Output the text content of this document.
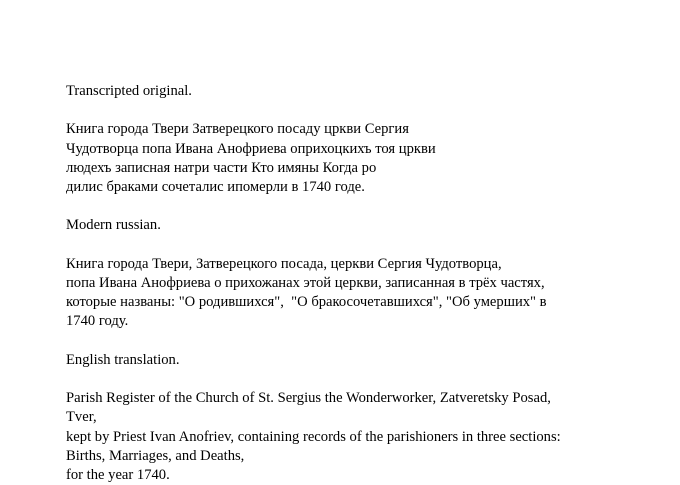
Transcripted original.
Книга города Твери Затверецкого посаду цркви Сергия
Чудотворца попа Ивана Анофриева оприхоцкихъ тоя цркви
людехъ записная натри части Кто имяны Когда ро
дилис браками сочеталис ипомерли в 1740 годе.
Modern russian.
Книга города Твери, Затверецкого посада, церкви Сергия Чудотворца,
попа Ивана Анофриева о прихожанах этой церкви, записанная в трёх частях,
которые названы: "О родившихся",  "О бракосочетавшихся", "Об умерших" в
1740 году.
English translation.
Parish Register of the Church of St. Sergius the Wonderworker, Zatveretsky Posad,
Tver,
kept by Priest Ivan Anofriev, containing records of the parishioners in three sections:
Births, Marriages, and Deaths,
for the year 1740.
